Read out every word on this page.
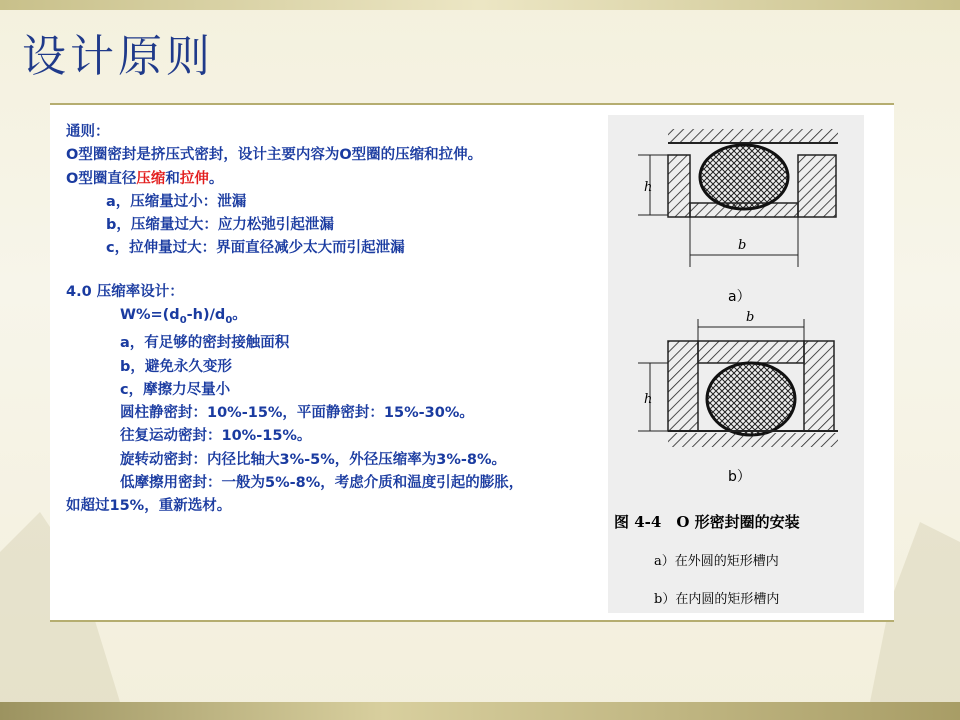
设计原则
通则：
O型圈密封是挤压式密封，设计主要内容为O型圈的压缩和拉伸。
O型圈直径压缩和拉伸。
a，压缩量过小：泄漏
b，压缩量过大：应力松弛引起泄漏
c，拉伸量过大：界面直径减少太大而引起泄漏
4.0 压缩率设计：
$W\%=(d_0-h)/d_0$。
a，有足够的密封接触面积
b，避免永久变形
c，摩擦力尽量小
圆柱静密封：10%-15%，平面静密封：15%-30%。
往复运动密封：10%-15%。
旋转动密封：内径比轴大3%-5%，外径压缩率为3%-8%。
低摩擦用密封：一般为5%-8%，考虑介质和温度引起的膨胀，
如超过15%，重新选材。
h
b
a）
b
h
b）
图 4-4　O 形密封圈的安装
a）在外圆的矩形槽内
b）在内圆的矩形槽内
